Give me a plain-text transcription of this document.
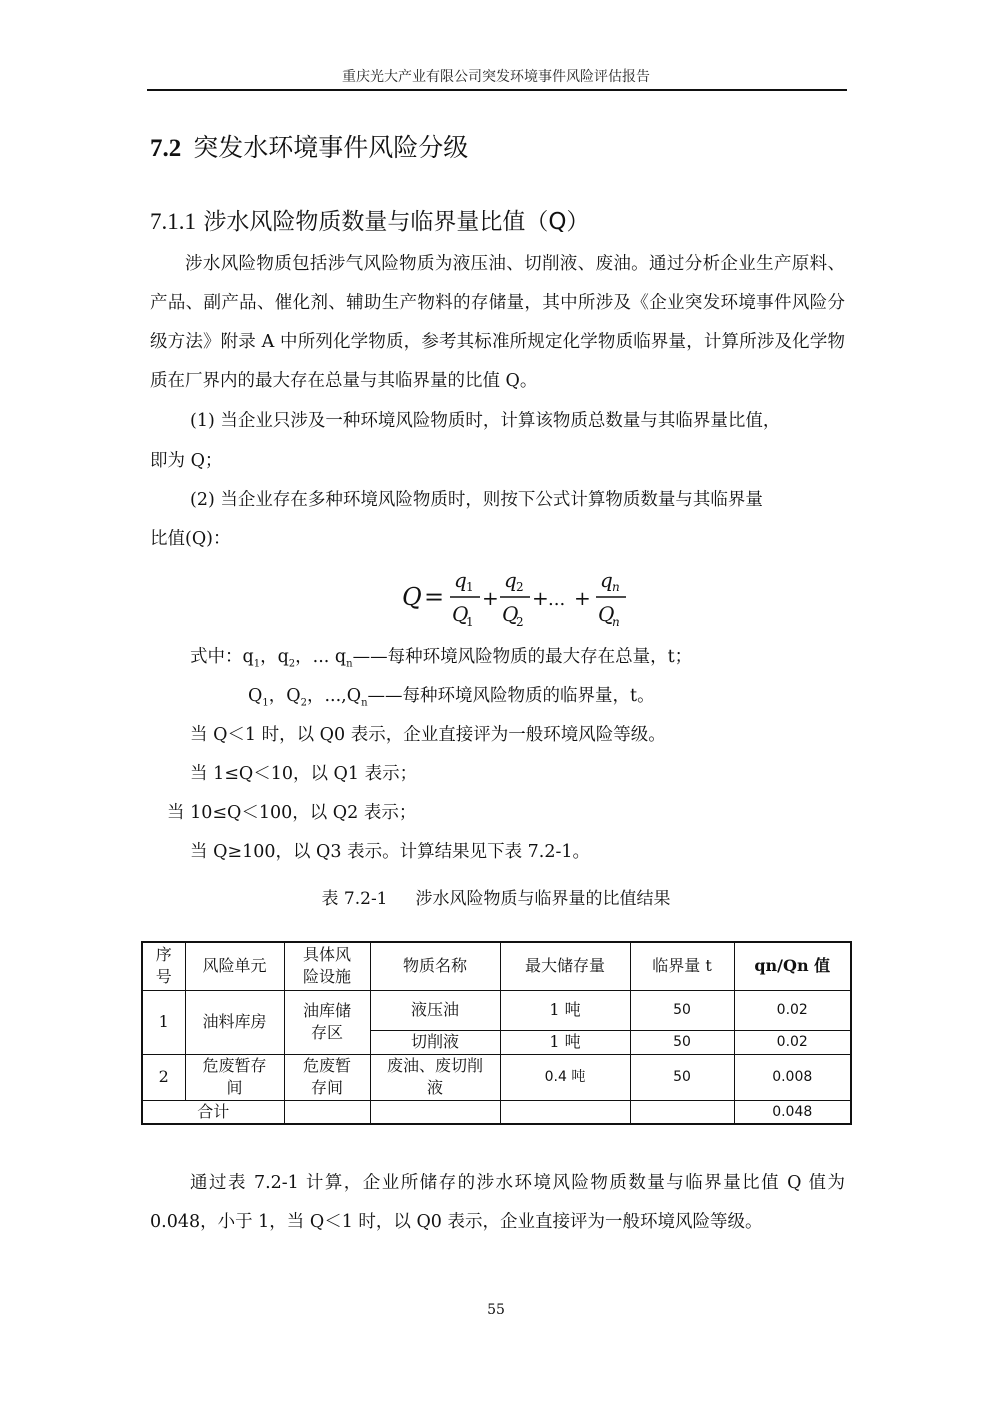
重庆光大产业有限公司突发环境事件风险评估报告
7.2 突发水环境事件风险分级
7.1.1 涉水风险物质数量与临界量比值（Q）
涉水风险物质包括涉气风险物质为液压油、切削液、废油。通过分析企业生产原料、产品、副产品、催化剂、辅助生产物料的存储量，其中所涉及《企业突发环境事件风险分级方法》附录 A 中所列化学物质，参考其标准所规定化学物质临界量，计算所涉及化学物质在厂界内的最大存在总量与其临界量的比值 Q。
(1) 当企业只涉及一种环境风险物质时，计算该物质总数量与其临界量比值，
即为 Q；
(2) 当企业存在多种环境风险物质时，则按下公式计算物质数量与其临界量
比值(Q)：
Q =
q 1
Q
1
+
q 2
Q
2
+ ... +
q n
Q
n
式中：$q_1$，$q_2$，... $q_n——$每种环境风险物质的最大存在总量，t；
$Q_1$，$Q_2$，$...,Q_n——$每种环境风险物质的临界量，t。
当 Q＜1 时，以 Q0 表示，企业直接评为一般环境风险等级。
当 1≤Q＜10，以 Q1 表示；
当 10≤Q＜100，以 Q2 表示；
当 Q≥100，以 Q3 表示。计算结果见下表 7.2-1。
表 7.2-1 涉水风险物质与临界量的比值结果
序号	风险单元	具体风险设施	物质名称	最大储存量	临界量 t	qn/Qn 值
1	油料库房	油库储存区	液压油	1 吨	50	0.02
			切削液	1 吨	50	0.02
2	危废暂存间	危废暂存间	废油、废切削液	0.4 吨	50	0.008
合计						0.048
通过表 7.2-1 计算，企业所储存的涉水环境风险物质数量与临界量比值 Q 值为 0.048，小于 1，当 Q＜1 时，以 Q0 表示，企业直接评为一般环境风险等级。
55
